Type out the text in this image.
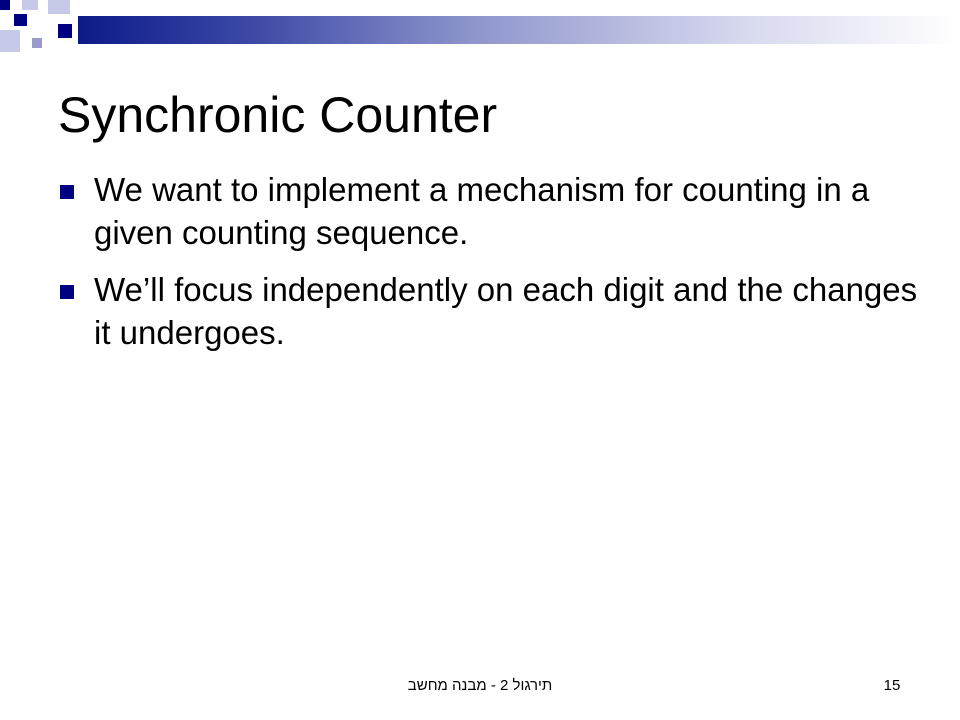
Synchronic Counter
We want to implement a mechanism for counting in a given counting sequence.
We’ll focus independently on each digit and the changes it undergoes.
תירגול 2 - מבנה מחשב	15
